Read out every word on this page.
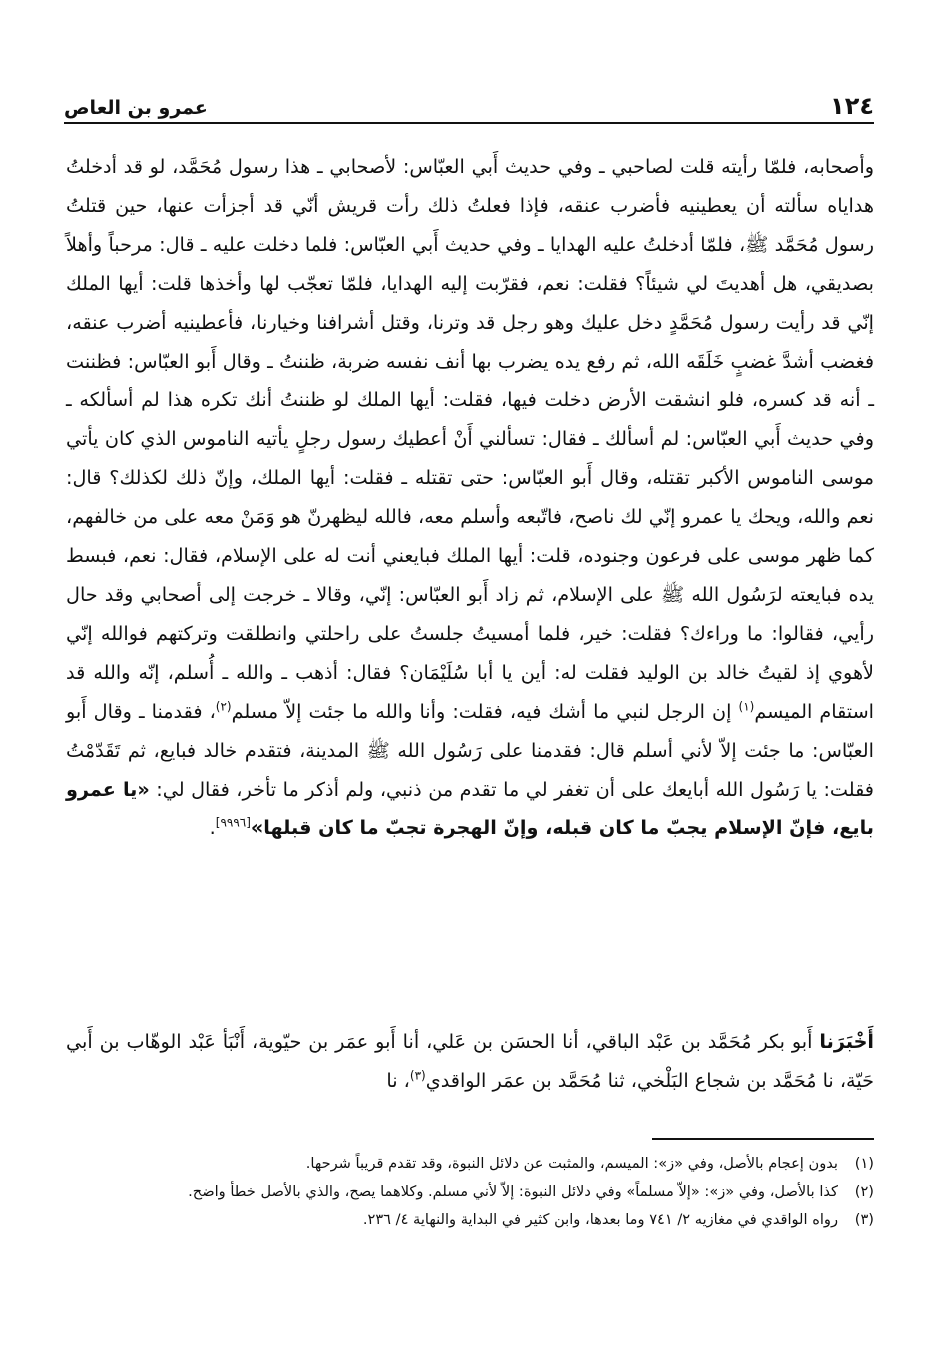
١٢٤
عمرو بن العاص

وأصحابه، فلمّا رأيته قلت لصاحبي ـ وفي حديث أَبي العبّاس: لأصحابي ـ هذا رسول مُحَمَّد، لو قد أدخلتُ هداياه سألته أن يعطينيه فأضرب عنقه، فإذا فعلتُ ذلك رأت قريش أنّي قد أجزأت عنها، حين قتلتُ رسول مُحَمَّد ﷺ، فلمّا أدخلتُ عليه الهدايا ـ وفي حديث أَبي العبّاس: فلما دخلت عليه ـ قال: مرحباً وأهلاً بصديقي، هل أهديتَ لي شيئاً؟ فقلت: نعم، فقرّبت إليه الهدايا، فلمّا تعجّب لها وأخذها قلت: أيها الملك إنّي قد رأيت رسول مُحَمَّدٍ دخل عليك وهو رجل قد وترنا، وقتل أشرافنا وخيارنا، فأعطينيه أضرب عنقه، فغضب أشدَّ غضبٍ خَلَقَه الله، ثم رفع يده يضرب بها أنف نفسه ضربة، ظننتُ ـ وقال أَبو العبّاس: فظننت ـ أنه قد كسره، فلو انشقت الأرض دخلت فيها، فقلت: أيها الملك لو ظننتُ أنك تكره هذا لم أسألكه ـ وفي حديث أَبي العبّاس: لم أسألك ـ فقال: تسألني أَنْ أعطيك رسول رجلٍ يأتيه الناموس الذي كان يأتي موسى الناموس الأكبر تقتله، وقال أَبو العبّاس: حتى تقتله ـ فقلت: أيها الملك، وإنّ ذلك لكذلك؟ قال: نعم والله، ويحك يا عمرو إنّي لك ناصح، فاتّبعه وأسلم معه، فالله ليظهرنّ هو وَمَنْ معه على من خالفهم، كما ظهر موسى على فرعون وجنوده، قلت: أيها الملك فبايعني أنت له على الإسلام، فقال: نعم، فبسط يده فبايعته لرَسُول الله ﷺ على الإسلام، ثم زاد أَبو العبّاس: إنّي، وقالا ـ خرجت إلى أصحابي وقد حال رأيي، فقالوا: ما وراءك؟ فقلت: خير، فلما أمسيتُ جلستُ على راحلتي وانطلقت وتركتهم فوالله إنّي لأهوي إذ لقيتُ خالد بن الوليد فقلت له: أين يا أبا سُلَيْمَان؟ فقال: أذهب ـ والله ـ أُسلم، إنّه والله قد استقام الميسم$^{(١)}$ إن الرجل لنبي ما أشك فيه، فقلت: وأنا والله ما جئت إلاّ مسلم$^{(٢)}$، فقدمنا ـ وقال أَبو العبّاس: ما جئت إلاّ لأني أسلم قال: فقدمنا على رَسُول الله ﷺ المدينة، فتقدم خالد فبايع، ثم تَقَدّمْتُ فقلت: يا رَسُول الله أبايعك على أن تغفر لي ما تقدم من ذنبي، ولم أذكر ما تأخر، فقال لي: «يا عمرو بايع، فإنّ الإسلام يجبّ ما كان قبله، وإنّ الهجرة تجبّ ما كان قبلها»[٩٩٩٦].

أَخْبَرَنا أَبو بكر مُحَمَّد بن عَبْد الباقي، أنا الحسَن بن عَلي، أنا أَبو عمَر بن حيّوية، أَنْبَأ عَبْد الوهّاب بن أَبي حَيّة، نا مُحَمَّد بن شجاع البَلْخي، ثنا مُحَمَّد بن عمَر الواقدي$^{(٣)}$، نا

(١)
بدون إعجام بالأصل، وفي «ز»: الميسم، والمثبت عن دلائل النبوة، وقد تقدم قريباً شرحها.
(٢)
كذا بالأصل، وفي «ز»: «إلاّ مسلماً» وفي دلائل النبوة: إلاّ لأني مسلم. وكلاهما يصح، والذي بالأصل خطأ واضح.
(٣)
رواه الواقدي في مغازيه ٢/ ٧٤١ وما بعدها، وابن كثير في البداية والنهاية ٤/ ٢٣٦.
